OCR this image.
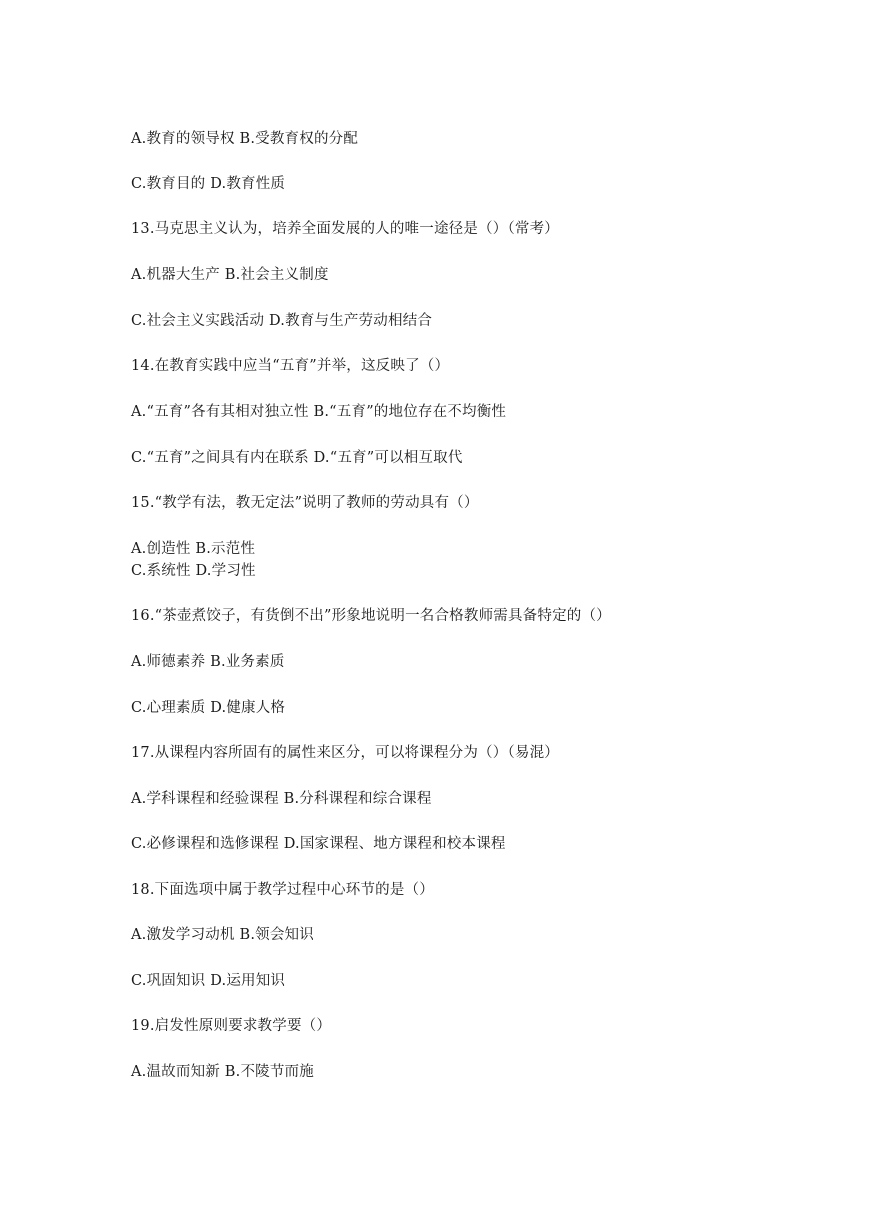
A.教育的领导权 B.受教育权的分配
C.教育目的 D.教育性质
13.马克思主义认为，培养全面发展的人的唯一途径是（）（常考）
A.机器大生产 B.社会主义制度
C.社会主义实践活动 D.教育与生产劳动相结合
14.在教育实践中应当“五育”并举，这反映了（）
A.“五育”各有其相对独立性 B.“五育”的地位存在不均衡性
C.“五育”之间具有内在联系 D.“五育”可以相互取代
15.“教学有法，教无定法”说明了教师的劳动具有（）
A.创造性 B.示范性
C.系统性 D.学习性
16.“茶壶煮饺子，有货倒不出”形象地说明一名合格教师需具备特定的（）
A.师德素养 B.业务素质
C.心理素质 D.健康人格
17.从课程内容所固有的属性来区分，可以将课程分为（）（易混）
A.学科课程和经验课程 B.分科课程和综合课程
C.必修课程和选修课程 D.国家课程、地方课程和校本课程
18.下面选项中属于教学过程中心环节的是（）
A.激发学习动机 B.领会知识
C.巩固知识 D.运用知识
19.启发性原则要求教学要（）
A.温故而知新 B.不陵节而施
